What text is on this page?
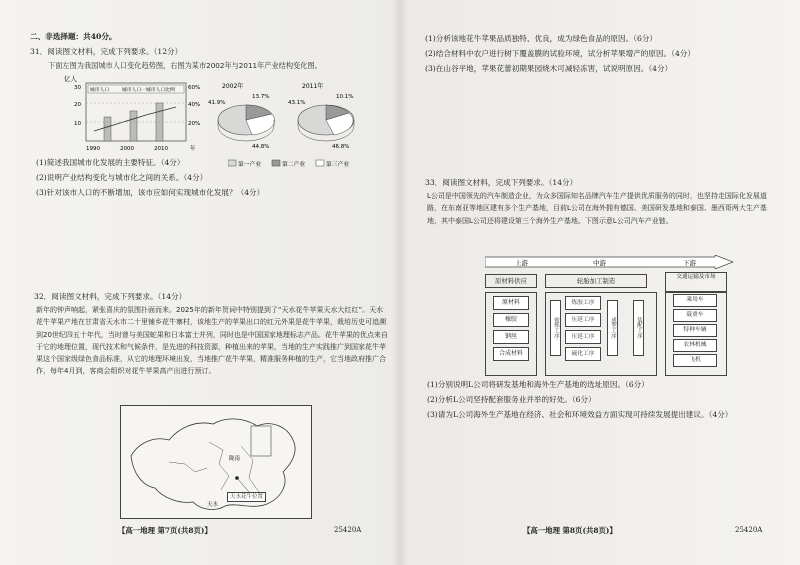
二、非选择题：共40分。
31．阅读图文材料，完成下列要求。（12分）
下面左图为我国城市人口变化趋势图，右图为某市2002年与2011年产业结构变化图。
亿人
30
20
10
60%
40%
20%
城市人口	城市人口一城市人口比例
1990	2000	2010	年
2002年	2011年
41.9%
13.7%
44.8%
43.1%
10.1%
46.8%
第一产业	第二产业	第三产业
(1)简述我国城市化发展的主要特征。（4分）
(2)说明产业结构变化与城市化之间的关系。（4分）
(3)针对该市人口的不断增加，该市应如何实现城市化发展？（4分）
32．阅读图文材料，完成下列要求。（14分）
新年的钟声响起，紧张喜庆的氛围扑面而来。2025年的新年贺词中特别提到了“天水花牛苹果天水大红红”。天水花牛苹果产地在甘肃省天水市二十里铺乡花牛寨村，该地生产的苹果出口的红元外果是花牛苹果，栽培历史可追溯到20世纪四五十年代，当时曾与美国蛇果和日本富士并列，同时也是中国国家地理标志产品。花牛苹果的优点来自于它的地理位置，现代技术和气候条件，是先进的科技资源，种植出来的苹果，当地的生产实践推广到国家花牛苹果这个国家级绿色食品标准，从它的地理环境出发，当地推广花牛苹果，精准服务种植的生产，它当地政府推广合作，每年4月到，客商会组织对花牛苹果高产出进行预订。
陇南
天水
天水花牛位置
【高一地理 第7页(共8页)】	25420A
(1)分析该地花牛苹果品质独特、优良，成为绿色食品的原因。（6分）
(2)结合材料中农户进行树下覆盖膜的试验环境，试分析苹果增产的原因。（4分）
(3)在山谷平地，苹果花蕾初期果园烧木可减轻冻害，试说明原因。（4分）
33．阅读图文材料，完成下列要求。（14分）
L公司是中国领先的汽车制造企业，为众多国际知名品牌汽车生产提供优质服务的同时，也坚持走国际化发展道路，在东南亚等地区建有多个生产基地，目前L公司在海外拥有德国、美国研发基地和泰国、墨西哥两大生产基地，其中泰国L公司还将建设第三个海外生产基地。下图示意L公司汽车产业链。
上游	中游	下游
原材料供应
原材料
橡胶
钢丝
合成材料
轮胎加工制造
炼胶工序
压延工序
压延工序
硫化工序
密炼工序	成型工序	装配工序
交通运输及市场
乘用车
载重车
特种车辆
农林机械
飞机
(1)分别说明L公司将研发基地和海外生产基地的选址原因。（6分）
(2)分析L公司坚持配套服务业并举的好处。（6分）
(3)请为L公司海外生产基地在经济、社会和环境效益方面实现可持续发展提出建议。（4分）
【高一地理 第8页(共8页)】	25420A
